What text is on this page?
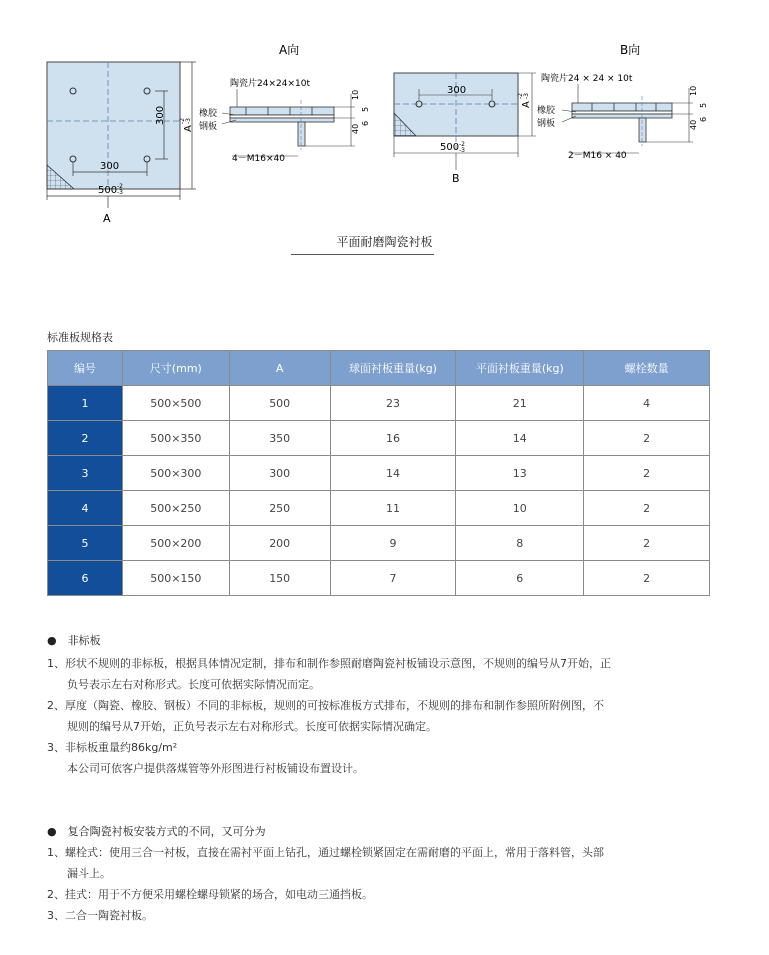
300
300
500 -2
-3
A
-2 -3
A
A向
陶瓷片24×24×10t
橡胶
钢板
4－M16×40
10
5
6
40
300
500 -2
-3
A
-2 -3
B
B向
陶瓷片24 × 24 × 10t
橡胶
钢板
2－M16 × 40
10
5
6
40
平面耐磨陶瓷衬板
标准板规格表
编号	尺寸(mm)	A	球面衬板重量(kg)	平面衬板重量(kg)	螺栓数量
1	500×500	500	23	21	4
2	500×350	350	16	14	2
3	500×300	300	14	13	2
4	500×250	250	11	10	2
5	500×200	200	9	8	2
6	500×150	150	7	6	2

●　非标板

1、形状不规则的非标板，根据具体情况定制，排布和制作参照耐磨陶瓷衬板铺设示意图，不规则的编号从7开始，正

负号表示左右对称形式。长度可依据实际情况而定。

2、厚度（陶瓷、橡胶、钢板）不同的非标板，规则的可按标准板方式排布，不规则的排布和制作参照所附例图，不

规则的编号从7开始，正负号表示左右对称形式。长度可依据实际情况确定。

3、非标板重量约86kg/m²

本公司可依客户提供落煤管等外形图进行衬板铺设布置设计。

●　复合陶瓷衬板安装方式的不同，又可分为

1、螺栓式：使用三合一衬板，直接在需衬平面上钻孔，通过螺栓锁紧固定在需耐磨的平面上，常用于落料管，头部

漏斗上。

2、挂式：用于不方便采用螺栓螺母锁紧的场合，如电动三通挡板。

3、二合一陶瓷衬板。
